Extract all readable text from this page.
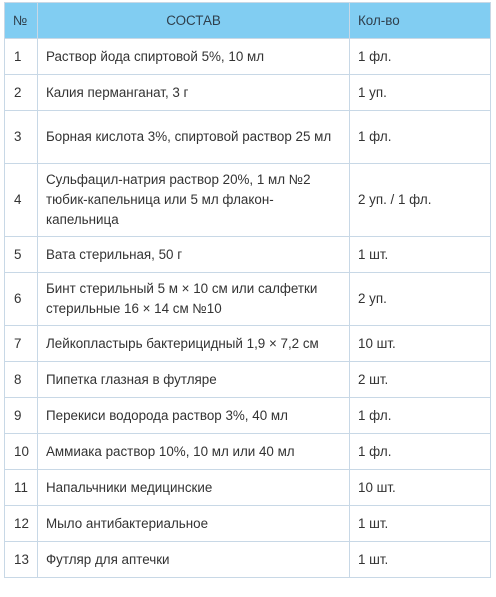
№	СОСТАВ	Кол-во
1	Раствор йода спиртовой 5%, 10 мл	1 фл.
2	Калия перманганат, 3 г	1 уп.
3	Борная кислота 3%, спиртовой раствор 25 мл	1 фл.
4	Сульфацил-натрия раствор 20%, 1 мл №2 тюбик-капельница или 5 мл флакон-капельница	2 уп. / 1 фл.
5	Вата стерильная, 50 г	1 шт.
6	Бинт стерильный 5 м × 10 см или салфетки стерильные 16 × 14 см №10	2 уп.
7	Лейкопластырь бактерицидный 1,9 × 7,2 см	10 шт.
8	Пипетка глазная в футляре	2 шт.
9	Перекиси водорода раствор 3%, 40 мл	1 фл.
10	Аммиака раствор 10%, 10 мл или 40 мл	1 фл.
11	Напальчники медицинские	10 шт.
12	Мыло антибактериальное	1 шт.
13	Футляр для аптечки	1 шт.
